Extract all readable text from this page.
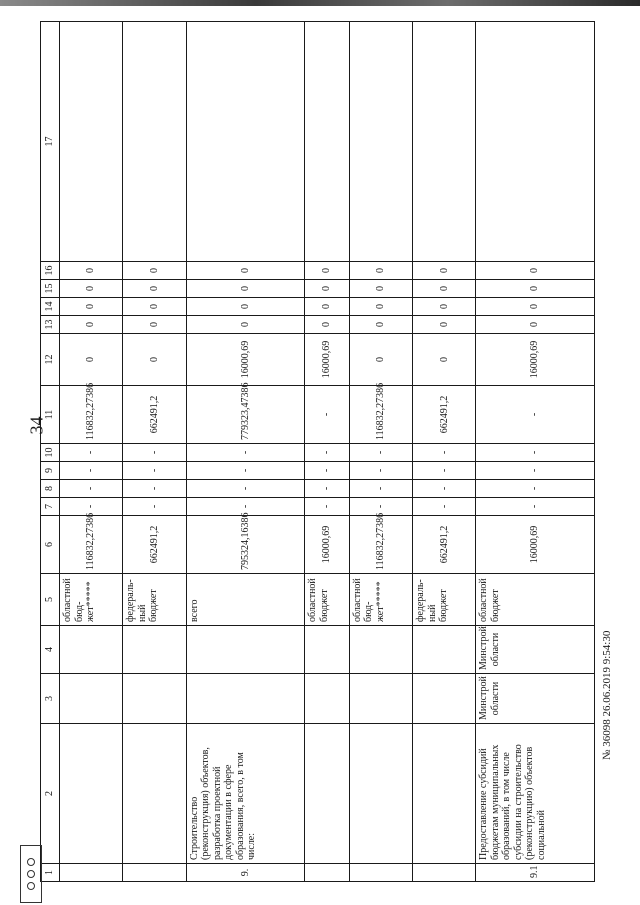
34
1	2	3	4	5	6	7	8	9	10	11	12	13	14	15	16	17
				областной бюд-жет*****	116832,27386	-	-	-	-	116832,27386	0	0	0	0	0	
				федераль-ный бюджет	662491,2	-	-	-	-	662491,2	0	0	0	0	0	
9.	Строительство (реконструкция) объектов, разработка проектной документации в сфере образования, всего, в том числе:			всего	795324,16386	-	-	-	-	779323,47386	16000,69	0	0	0	0	
				областной бюджет	16000,69	-	-	-	-	-	16000,69	0	0	0	0	
				областной бюд-жет*****	116832,27386	-	-	-	-	116832,27386	0	0	0	0	0	
				федераль-ный бюджет	662491,2	-	-	-	-	662491,2	0	0	0	0	0	
9.1	Предоставление субсидий бюджетам муниципальных образований, в том числе субсидии на строительство (реконструкцию) объектов социальной	Минстрой области	Минстрой области	областной бюджет	16000,69	-	-	-	-	-	16000,69	0	0	0	0	
№ 36098 26.06.2019 9:54:30
